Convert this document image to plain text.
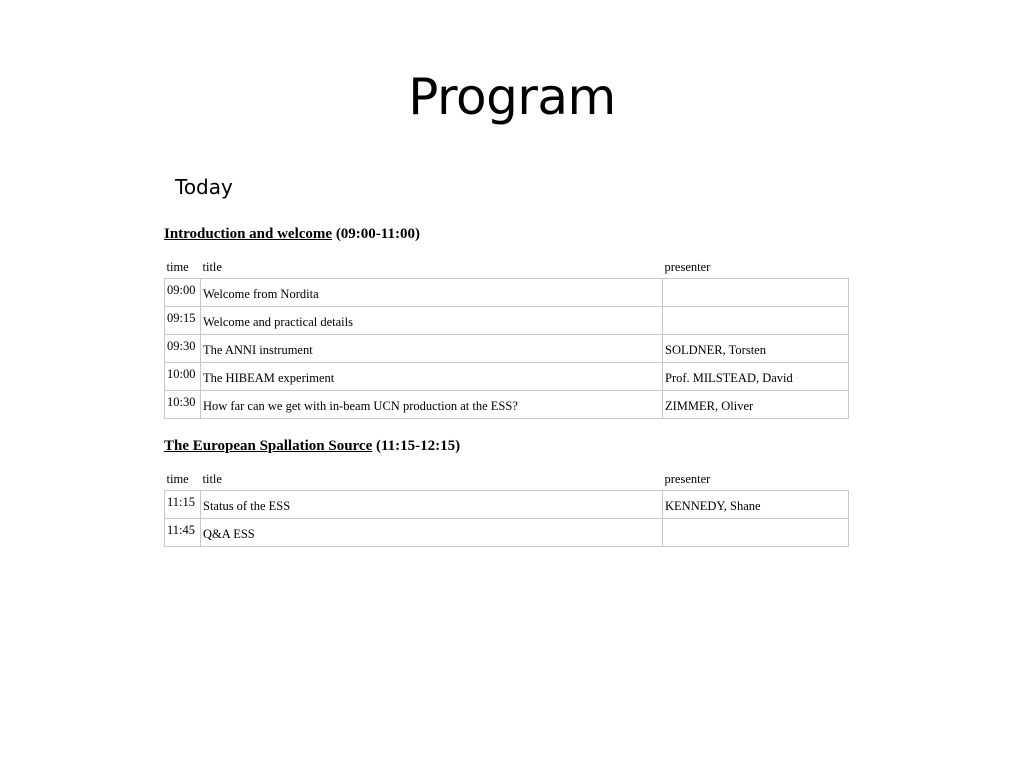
Program
Today
Introduction and welcome (09:00-11:00)
time	title	presenter
09:00	Welcome from Nordita	
09:15	Welcome and practical details	
09:30	The ANNI instrument	SOLDNER, Torsten
10:00	The HIBEAM experiment	Prof. MILSTEAD, David
10:30	How far can we get with in-beam UCN production at the ESS?	ZIMMER, Oliver
The European Spallation Source (11:15-12:15)
time	title	presenter
11:15	Status of the ESS	KENNEDY, Shane
11:45	Q&A ESS	
